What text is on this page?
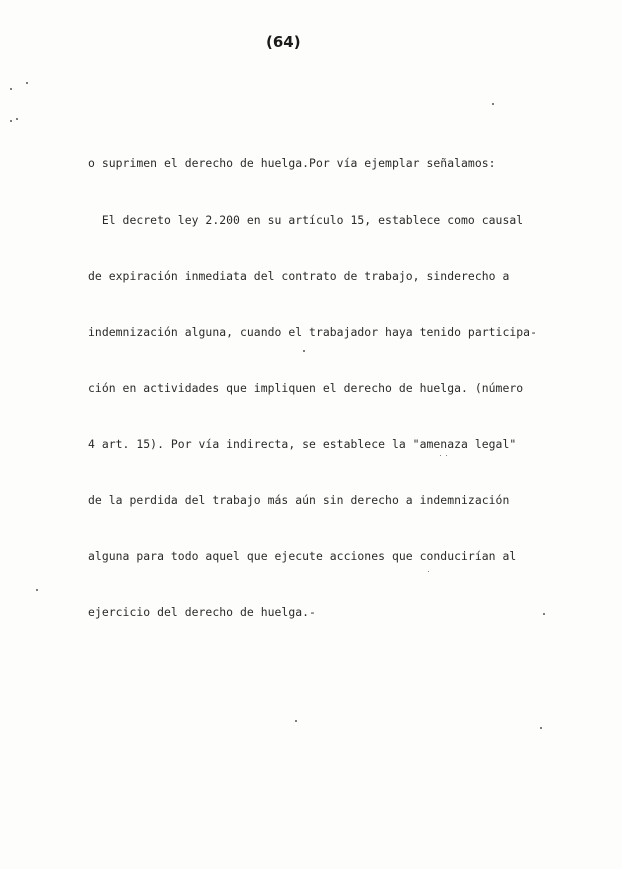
(64)

o suprimen el derecho de huelga.Por vía ejemplar señalamos:

El decreto ley 2.200 en su artículo 15, establece como causal

de expiración inmediata del contrato de trabajo, sinderecho a

indemnización alguna, cuando el trabajador haya tenido participa-

ción en actividades que impliquen el derecho de huelga. (número

4 art. 15). Por vía indirecta, se establece la "amenaza legal"

de la perdida del trabajo más aún sin derecho a indemnización

alguna para todo aquel que ejecute acciones que conducirían al

ejercicio del derecho de huelga.-
